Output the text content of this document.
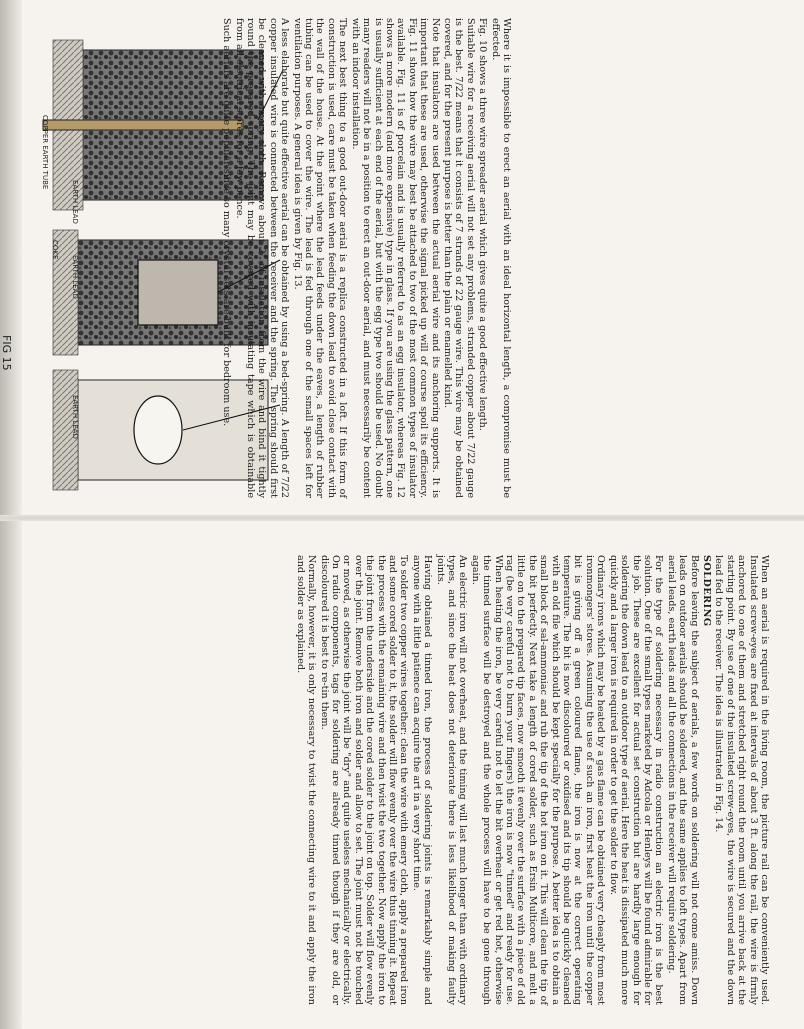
COPPER EARTH TUBE
EARTH LEAD
EARTH LEAD
COKE
FIG 15
EARTH LEAD	Where it is impossible to erect an aerial with an ideal horizontal length, a compromise must be effected.

Fig. 10 shows a three wire spreader aerial which gives quite a good effective length.

Suitable wire for a receiving aerial will not set any problems, stranded copper about 7/22 gauge is the best. 7/22 means that it consists of 7 strands of 22 gauge wire. This wire may be obtained covered, and for the present purpose is better than the plain or enamelled kind.

Note that insulators are used between the actual aerial wire and its anchoring supports. It is important that these are used, otherwise the signal picked up will of course spoil its efficiency. Fig. 11 shows how the wire may best be attached to two of the most common types of insulator available. Fig. 11 is of porcelain and is usually referred to as an egg insulator, whereas Fig. 12 shows a more modern (and more expensive) type in glass. If you are using the glass pattern, one is usually sufficient at each end of the aerial, but with the egg type two should be used. No doubt many readers will not be in a position to erect an out-door aerial, and must necessarily be content with an indoor installation.

The next best thing to a good out-door aerial is a replica constructed in a loft. If this form of construction is used, care must be taken when feeding the down lead to avoid close contact with the wall of the house. At the point where the lead feeds under the eaves, a length of rubber tubing can be used to cover the wire. The lead is fed through one of the small spaces left for ventilation purposes. A general idea is given by Fig. 13.

A less elaborate but quite effective aerial can be obtained by using a bed-spring. A length of 7/22 copper insulated wire is connected between the receiver and the spring. The spring should first be cleaned with emery cloth. Remove about 2" of insulation from the wire and bind it tightly round the prepared spring. The joint may be covered with insulating tape which is obtainable from all electrical stores for a few pence.

Such aerials are quite popular since so many crystal sets are built for bedroom use.

When an aerial is required in the living room, the picture rail can be conveniently used. Insulated screw-eyes are fixed at intervals of about 3 ft. along the rail, the wire is firmly anchored to one of them and stretched right round the room until you arrive back at the starting point. By use of one of the insulated screw-eyes, the wire is secured and the down lead fed to the receiver. The idea is illustrated in Fig. 14.

SOLDERING

Before leaving the subject of aerials, a few words on soldering will not come amiss. Down leads on outdoor aerials should be soldered, and the same applies to loft types. Apart from aerial leads, earth leads and all the connections in the receiver will require soldering.

For the type of soldering necessary in radio construction an electric iron is the best solution. One of the small types marketed by Adcola or Henleys will be found admirable for the job. These are excellent for actual set construction but are hardly large enough for soldering the down lead to an outdoor type of aerial. Here the heat is dissipated much more quickly and a larger iron is required in order to get the solder to flow.

Ordinary irons which may be heated by a gas flame can be obtained very cheaply from most ironmongers' stores. Assuming the use of such an iron, first heat the iron until the copper bit is giving off a green coloured flame, the iron is now at the correct operating temperature. The bit is now discoloured or oxidised and its tip should be quickly cleaned with an old file which should be kept specially for the purpose. A better idea is to obtain a small block of sal-ammoniac and rub the tip of the hot iron on it. This will clean the tip of the bit perfectly. Next take a length of cored solder, such as Ersin Multicore, and melt a little on to the prepared tip faces, now smooth it evenly over the surface with a piece of old rag (be very careful not to burn your fingers) the iron is now "tinned" and ready for use. When heating the iron, be very careful not to let the bit overheat or get red hot, otherwise the tinned surface will be destroyed and the whole process will have to be gone through again.

An electric iron will not overheat, and the timing will last much longer than with ordinary types, and since the heat does not deteriorate there is less likelihood of making faulty joints.

Having obtained a tinned iron, the process of soldering joints is remarkably simple and anyone with a little patience can acquire the art in a very short time.

To solder two copper wires together: clean the wire with emery cloth, apply a prepared iron and some cored solder to it, the solder will flow evenly over the wire thus tinning it. Repeat the process with the remaining wire and then twist the two together. Now apply the iron to the joint from the underside and the cored solder to the joint on top. Solder will flow evenly over the joint. Remove both iron and solder and allow to set. The joint must not be touched or moved, as otherwise the joint will be "dry" and quite useless mechanically or electrically. On radio components, tags for soldering are already tinned though if they are old, or discoloured it is best to re-tin them.

Normally, however, it is only necessary to twist the connecting wire to it and apply the iron and solder as explained.
